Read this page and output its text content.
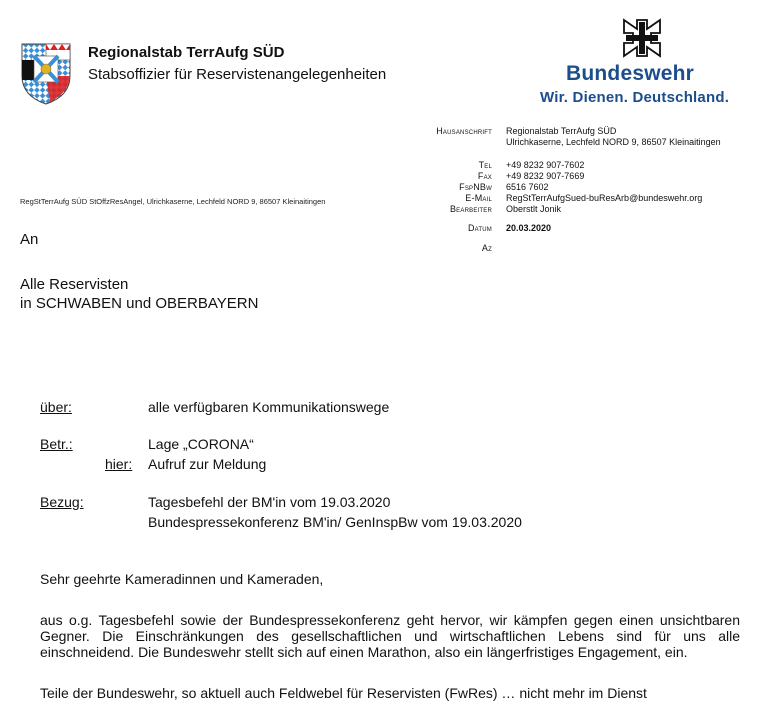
Regionalstab TerrAufg SÜD
Stabsoffizier für Reservistenangelegenheiten	Bundeswehr
Wir. Dienen. Deutschland.
RegStTerrAufg SÜD StOffzResAngel, Ulrichkaserne, Lechfeld NORD 9, 86507 Kleinaitingen
Hausanschrift	Regionalstab TerrAufg SÜD
Ulrichkaserne, Lechfeld NORD 9, 86507 Kleinaitingen
Tel	+49 8232 907-7602
Fax	+49 8232 907-7669
FspNBw	6516 7602
E-Mail	RegStTerrAufgSued-buResArb@bundeswehr.org
Bearbeiter	Oberstlt Jonik
Datum	20.03.2020
Az
An
Alle Reservisten
in SCHWABEN und OBERBAYERN
über:	alle verfügbaren Kommunikationswege
Betr.:	Lage „CORONA“
hier: Aufruf zur Meldung
Bezug:	Tagesbefehl der BM'in vom 19.03.2020
Bundespressekonferenz BM'in/ GenInspBw vom 19.03.2020
Sehr geehrte Kameradinnen und Kameraden,
aus o.g. Tagesbefehl sowie der Bundespressekonferenz geht hervor, wir kämpfen gegen einen unsichtbaren Gegner. Die Einschränkungen des gesellschaftlichen und wirtschaftlichen Lebens sind für uns alle einschneidend. Die Bundeswehr stellt sich auf einen Marathon, also ein längerfristiges Engagement, ein.
Teile der Bundeswehr, so aktuell auch Feldwebel für Reservisten (FwRes) … nicht mehr im Dienst
